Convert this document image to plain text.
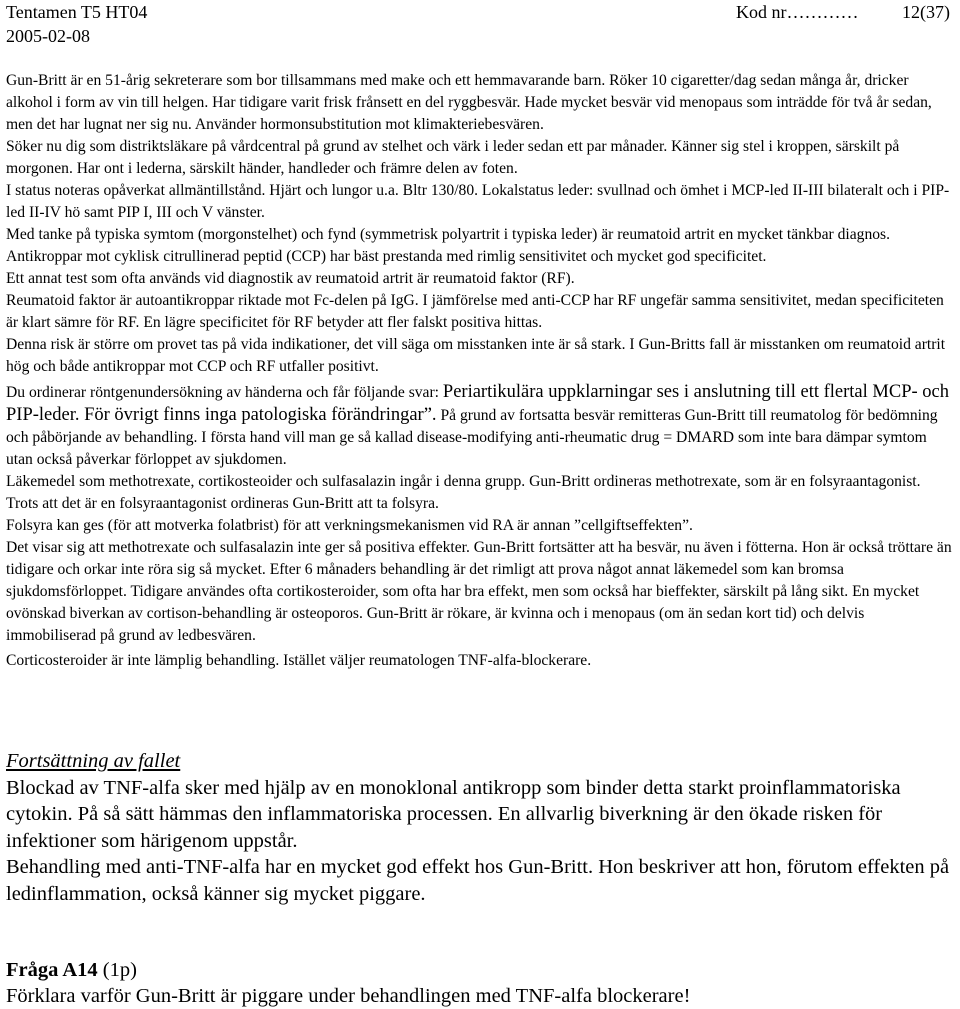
Tentamen T5 HT04
2005-02-08
Kod nr………… 12(37)

Gun-Britt är en 51-årig sekreterare som bor tillsammans med make och ett hemmavarande barn. Röker 10 cigaretter/dag sedan många år, dricker alkohol i form av vin till helgen. Har tidigare varit frisk frånsett en del ryggbesvär. Hade mycket besvär vid menopaus som inträdde för två år sedan, men det har lugnat ner sig nu. Använder hormonsubstitution mot klimakteriebesvären.

Söker nu dig som distriktsläkare på vårdcentral på grund av stelhet och värk i leder sedan ett par månader. Känner sig stel i kroppen, särskilt på morgonen. Har ont i lederna, särskilt händer, handleder och främre delen av foten.

I status noteras opåverkat allmäntillstånd. Hjärt och lungor u.a. Bltr 130/80. Lokalstatus leder: svullnad och ömhet i MCP-led II-III bilateralt och i PIP-led II-IV hö samt PIP I, III och V vänster.

Med tanke på typiska symtom (morgonstelhet) och fynd (symmetrisk polyartrit i typiska leder) är reumatoid artrit en mycket tänkbar diagnos.

Antikroppar mot cyklisk citrullinerad peptid (CCP) har bäst prestanda med rimlig sensitivitet och mycket god specificitet.

Ett annat test som ofta används vid diagnostik av reumatoid artrit är reumatoid faktor (RF).

Reumatoid faktor är autoantikroppar riktade mot Fc-delen på IgG. I jämförelse med anti-CCP har RF ungefär samma sensitivitet, medan specificiteten är klart sämre för RF. En lägre specificitet för RF betyder att fler falskt positiva hittas.

Denna risk är större om provet tas på vida indikationer, det vill säga om misstanken inte är så stark. I Gun-Britts fall är misstanken om reumatoid artrit hög och både antikroppar mot CCP och RF utfaller positivt.

Du ordinerar röntgenundersökning av händerna och får följande svar: Periartikulära uppklarningar ses i anslutning till ett flertal MCP- och PIP-leder. För övrigt finns inga patologiska förändringar”. På grund av fortsatta besvär remitteras Gun-Britt till reumatolog för bedömning och påbörjande av behandling. I första hand vill man ge så kallad disease-modifying anti-rheumatic drug = DMARD som inte bara dämpar symtom utan också påverkar förloppet av sjukdomen.

Läkemedel som methotrexate, cortikosteoider och sulfasalazin ingår i denna grupp. Gun-Britt ordineras methotrexate, som är en folsyraantagonist. Trots att det är en folsyraantagonist ordineras Gun-Britt att ta folsyra.

Folsyra kan ges (för att motverka folatbrist) för att verkningsmekanismen vid RA är annan ”cellgiftseffekten”.

Det visar sig att methotrexate och sulfasalazin inte ger så positiva effekter. Gun-Britt fortsätter att ha besvär, nu även i fötterna. Hon är också tröttare än tidigare och orkar inte röra sig så mycket. Efter 6 månaders behandling är det rimligt att prova något annat läkemedel som kan bromsa sjukdomsförloppet. Tidigare användes ofta cortikosteroider, som ofta har bra effekt, men som också har bieffekter, särskilt på lång sikt. En mycket ovönskad biverkan av cortison-behandling är osteoporos. Gun-Britt är rökare, är kvinna och i menopaus (om än sedan kort tid) och delvis immobiliserad på grund av ledbesvären.

Corticosteroider är inte lämplig behandling. Istället väljer reumatologen TNF-alfa-blockerare.

Fortsättning av fallet

Blockad av TNF-alfa sker med hjälp av en monoklonal antikropp som binder detta starkt proinflammatoriska cytokin. På så sätt hämmas den inflammatoriska processen. En allvarlig biverkning är den ökade risken för infektioner som härigenom uppstår.

Behandling med anti-TNF-alfa har en mycket god effekt hos Gun-Britt. Hon beskriver att hon, förutom effekten på ledinflammation, också känner sig mycket piggare.

Fråga A14 (1p)

Förklara varför Gun-Britt är piggare under behandlingen med TNF-alfa blockerare!
